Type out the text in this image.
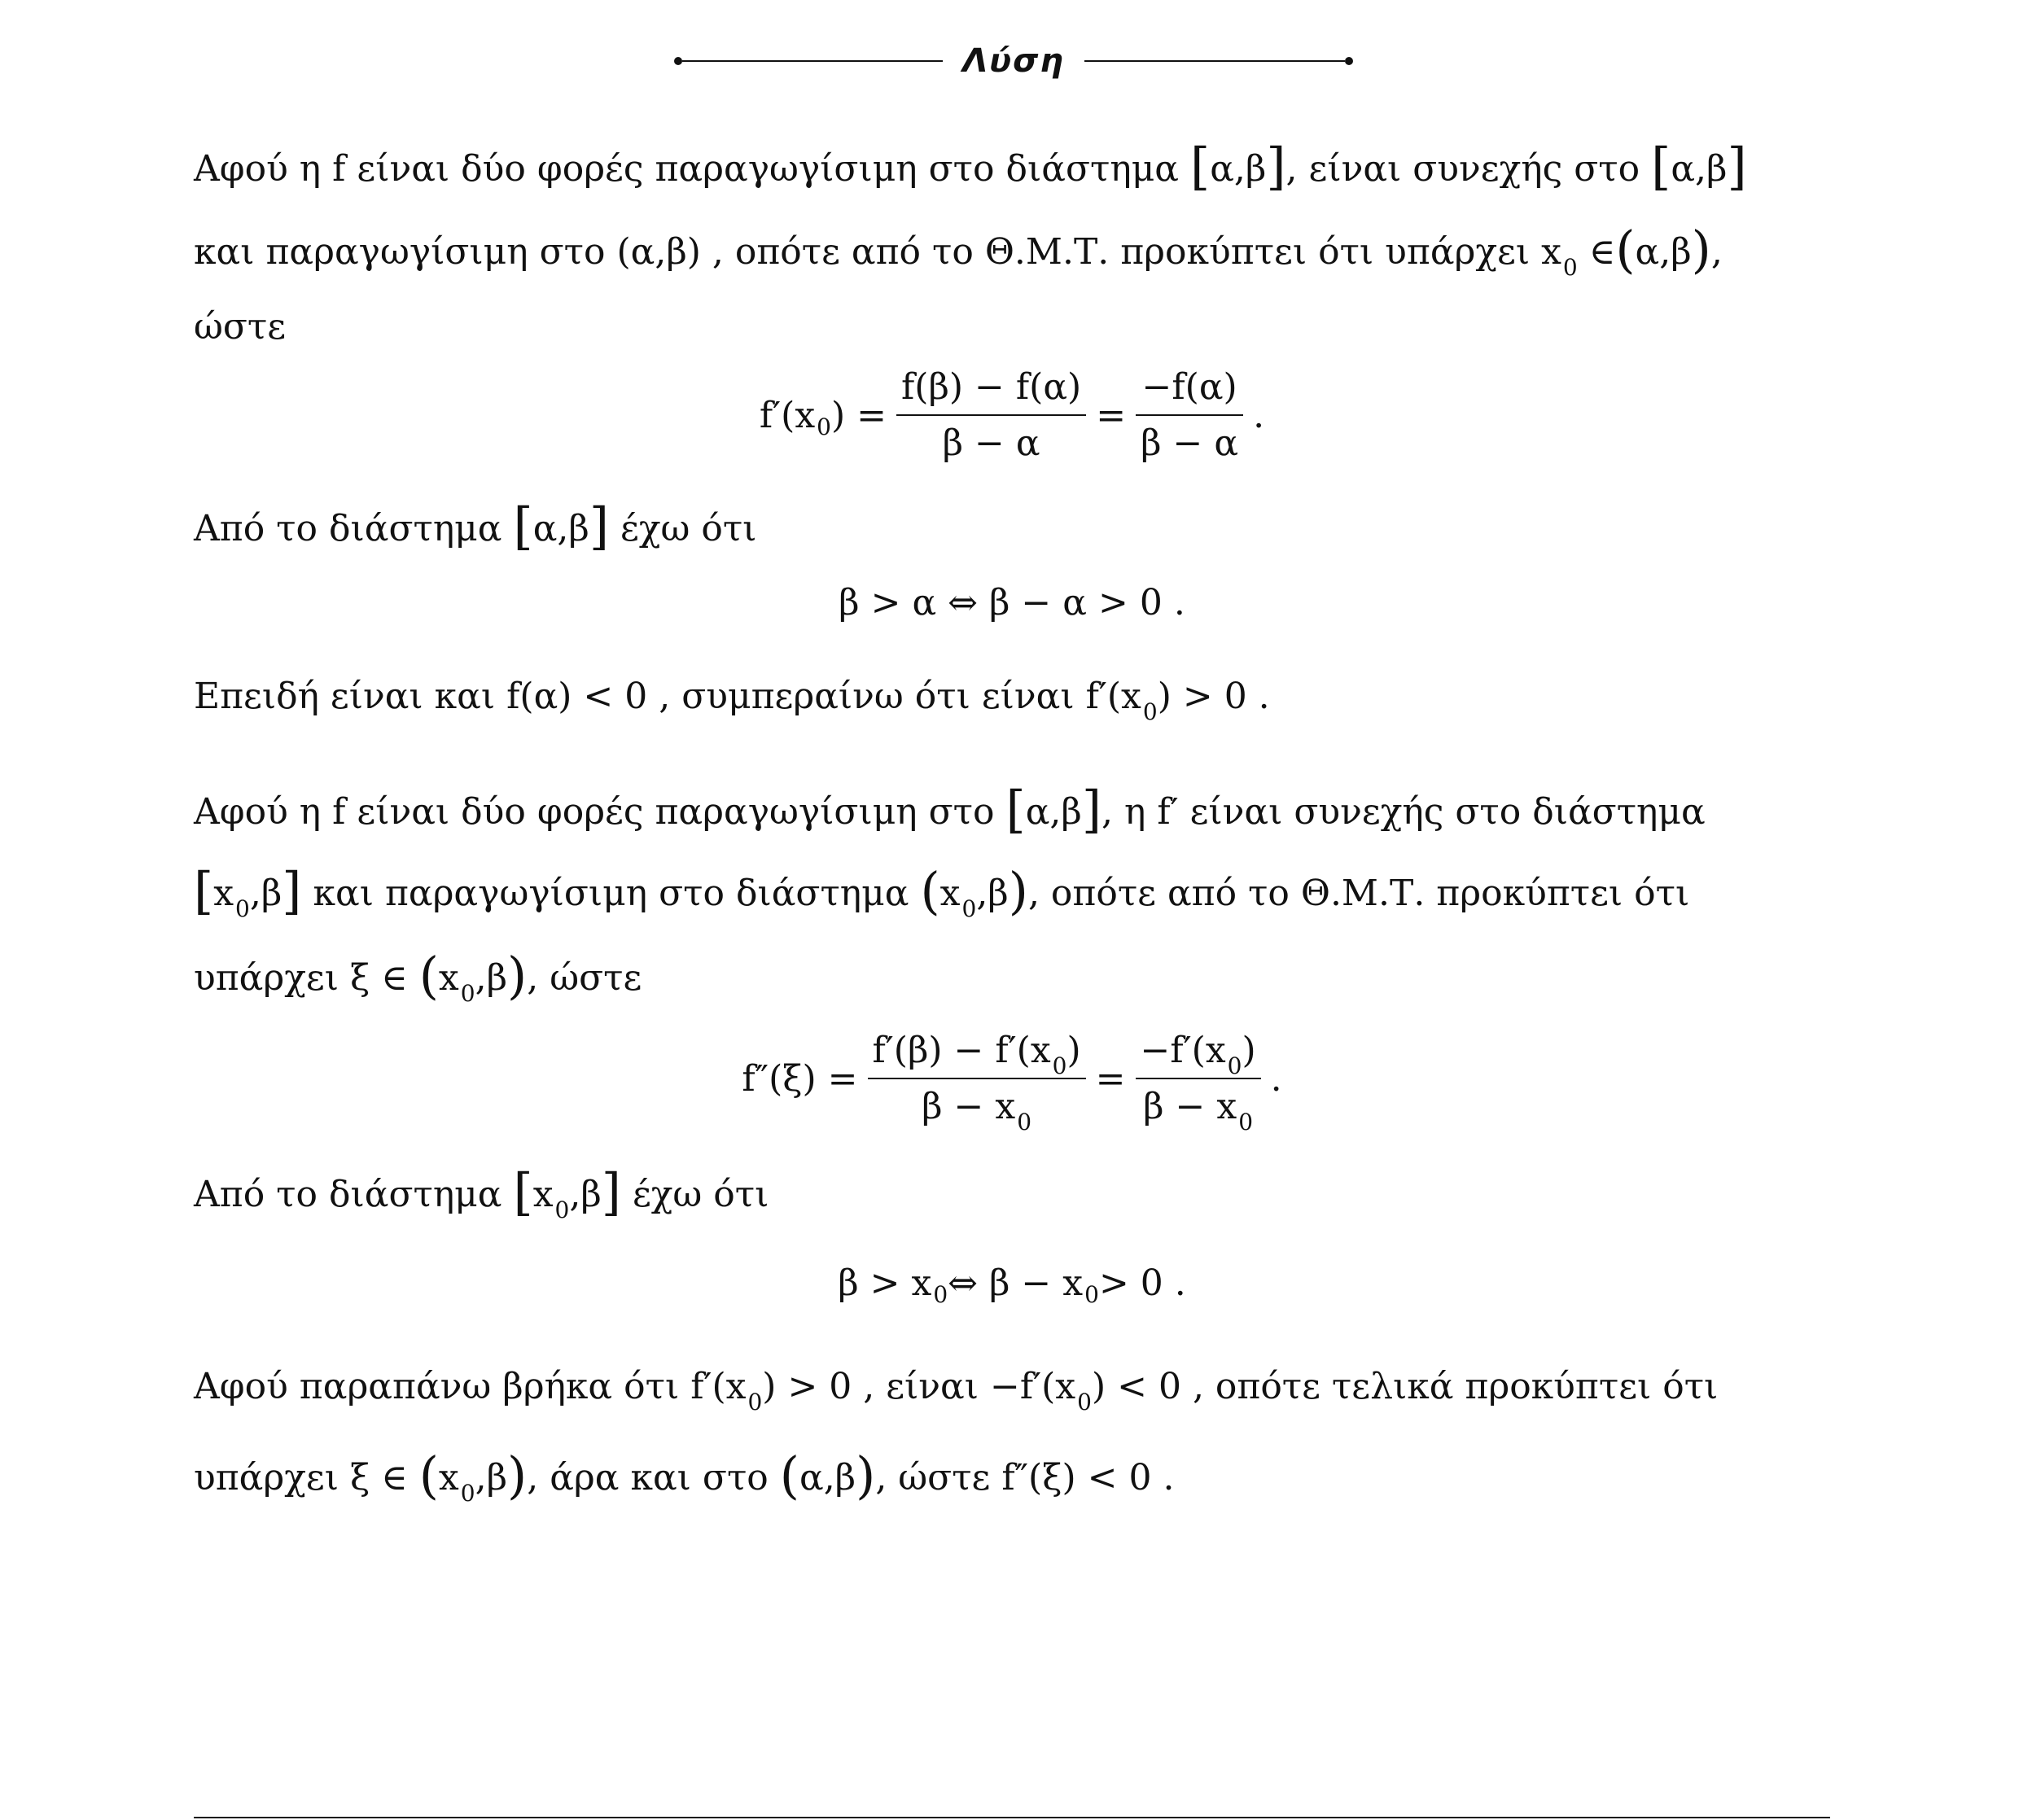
Λύση
Αφού η f είναι δύο φορές παραγωγίσιμη στο διάστημα [α,β], είναι συνεχής στο [α,β]
και παραγωγίσιμη στο (α,β) , οπότε από το Θ.Μ.Τ. προκύπτει ότι υπάρχει $x_0$ ∈(α,β),
ώστε
f′(x 0 ) = $\frac{f(\beta) - f(\alpha)}{\beta - \alpha} = \frac{-f(\alpha)}{\beta - \alpha}$ .
Από το διάστημα [α,β] έχω ότι
β > α ⇔ β − α > 0 .
Επειδή είναι και f(α) < 0 , συμπεραίνω ότι είναι $f'(x_0) > 0$ .
Αφού η f είναι δύο φορές παραγωγίσιμη στο [α,β], η f′ είναι συνεχής στο διάστημα
$[x_0,\beta]$ και παραγωγίσιμη στο διάστημα $(x_0,\beta)$, οπότε από το Θ.Μ.Τ. προκύπτει ότι
υπάρχει ξ ∈ $(x_0,\beta)$, ώστε
$f''(\xi) = \frac{f'(\beta) - f'(x_0)}{\beta - x_0} = \frac{-f'(x_0)}{\beta - x_0}$ .
Από το διάστημα $[x_0,\beta]$ έχω ότι
β > x 0 ⇔ β − x 0 > 0 .
Αφού παραπάνω βρήκα ότι $f'(x_0) > 0$ , $\varepsilon ί\nu\alpha\iota -f'(x_0) < 0$ , οπότε τελικά προκύπτει ότι
υπάρχει ξ ∈ $(x_0,\beta)$, άρα και στο (α,β), ώστε f″(ξ) < 0 .
